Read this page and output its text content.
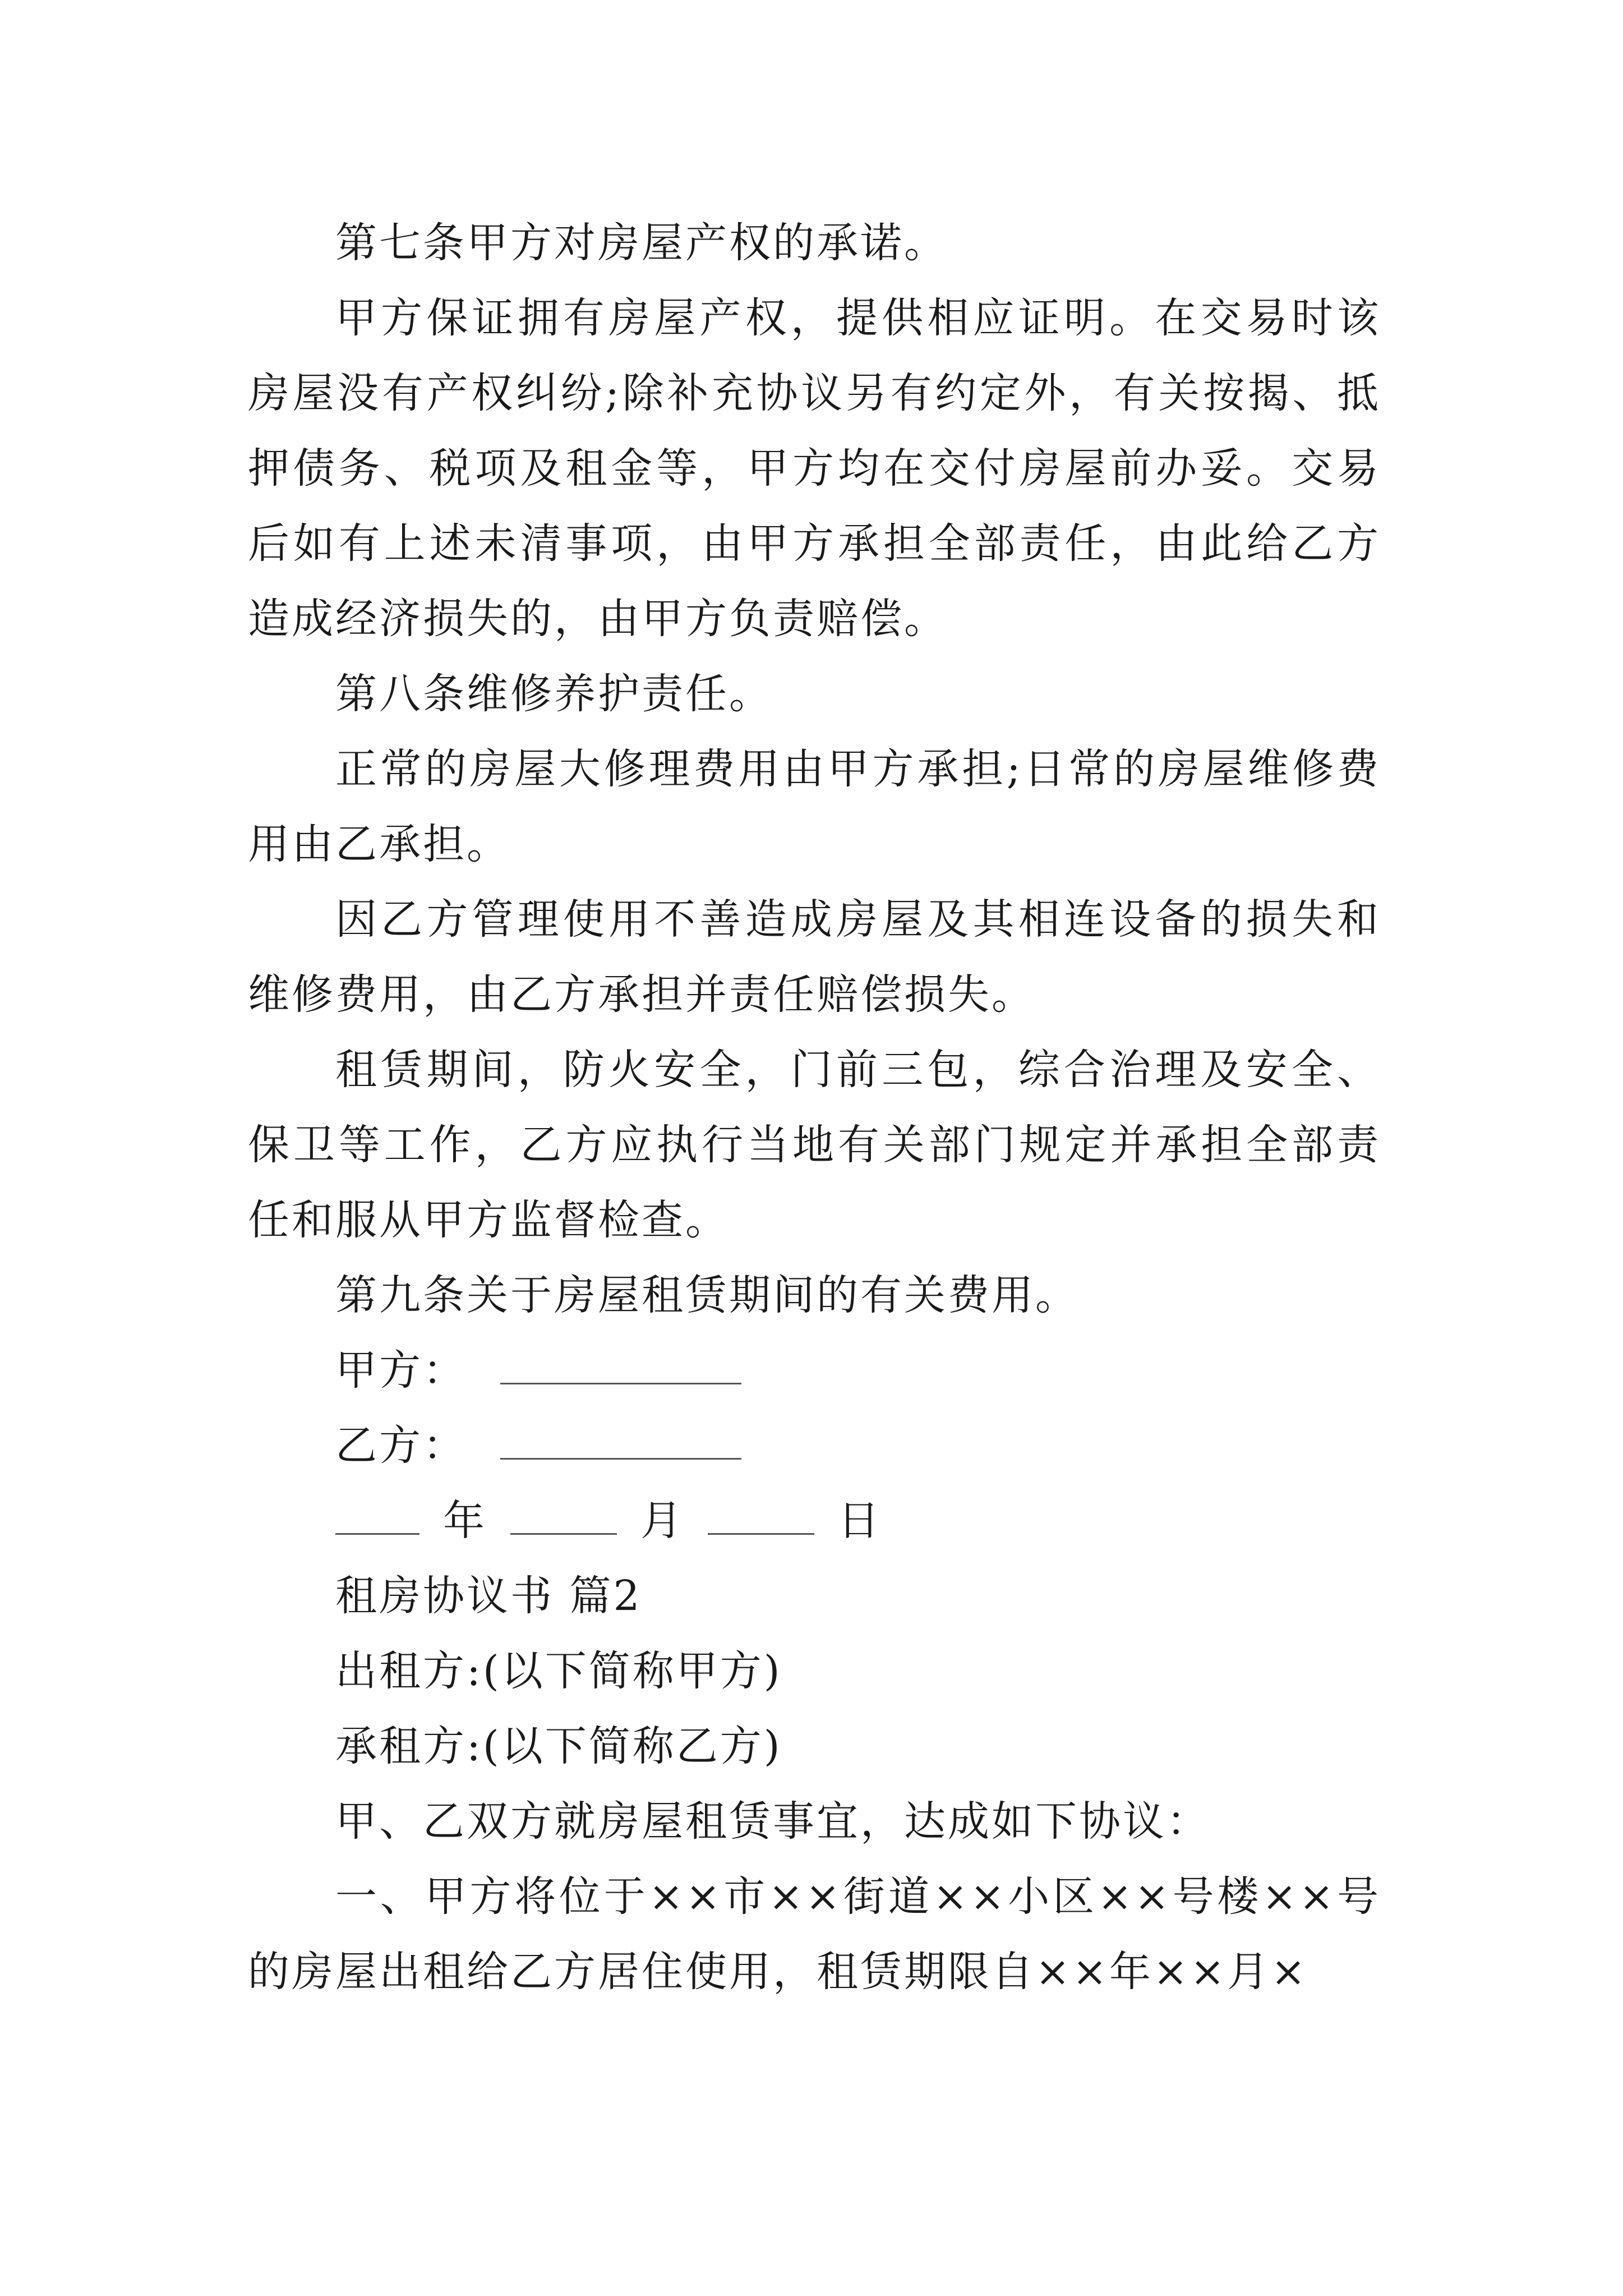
第七条甲方对房屋产权的承诺。

甲方保证拥有房屋产权，提供相应证明。在交易时该房屋没有产权纠纷;除补充协议另有约定外，有关按揭、抵押债务、税项及租金等，甲方均在交付房屋前办妥。交易后如有上述未清事项，由甲方承担全部责任，由此给乙方造成经济损失的，由甲方负责赔偿。

第八条维修养护责任。

正常的房屋大修理费用由甲方承担;日常的房屋维修费用由乙承担。

因乙方管理使用不善造成房屋及其相连设备的损失和维修费用，由乙方承担并责任赔偿损失。

租赁期间，防火安全，门前三包，综合治理及安全、保卫等工作，乙方应执行当地有关部门规定并承担全部责任和服从甲方监督检查。

第九条关于房屋租赁期间的有关费用。

甲方：

乙方：

年	月	日

租房协议书 篇2

出租方:(以下简称甲方)

承租方:(以下简称乙方)

甲、乙双方就房屋租赁事宜，达成如下协议：

一、甲方将位于××市××街道××小区××号楼××号的房屋出租给乙方居住使用，租赁期限自××年××月×
